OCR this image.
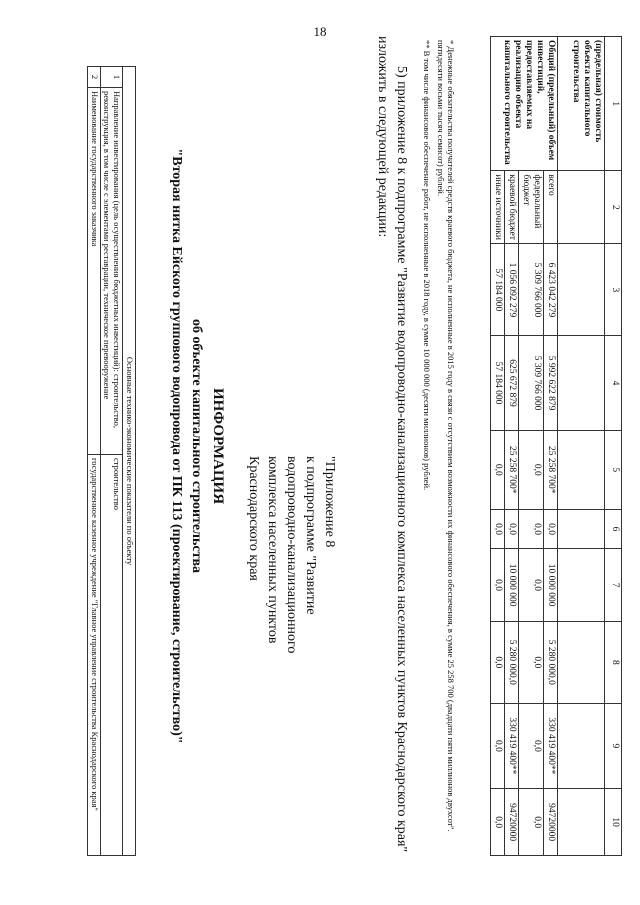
18
1	2	3	4	5	6	7	8	9	10
(предельная) стоимость объекта капитального строительства									
Общий (предельный) объем инвестиций, предоставляемых на реализацию объекта капитального строительства	всего	6 423 042 279	5 992 622 879	25 258 700*	0,0	10 000 000	5 280 000,0	330 419 400**	94720000
	федеральный бюджет	5 309 766 000	5 309 766 000	0,0	0,0	0,0	0,0	0,0	0,0
	краевой бюджет	1 056 092 279	625 672 879	25 258 700*	0,0	10 000 000	5 280 000,0	330 419 400**	94720000
	иные источники	57 184 000	57 184 000	0,0	0,0	0,0	0,0	0,0	0,0
* Денежные обязательства получателей средств краевого бюджета, не исполненные в 2015 году в связи с отсутствием возможности их финансового обеспечения, в сумме 25 258 700 (двадцати пяти миллионов двухсот пятидесяти восьми тысяч семисот) рублей.
** В том числе финансовое обеспечение работ, не исполненные в 2018 году, в сумме 10 000 000 (десяти миллионов) рублей.
".
5) приложение 8 к подпрограмме "Развитие водопроводно-канализационного комплекса населенных пунктов Краснодарского края" изложить в следующей редакции:
"Приложение 8
к подпрограмме "Развитие
водопроводно-канализационного
комплекса населенных пунктов
Краснодарского края
ИНФОРМАЦИЯ
об объекте капитального строительства
"Вторая нитка Ейского группового водопровода от ПК 113 (проектирование, строительство)"
Основные технико-экономические показатели по объекту		
1	Направление инвестирования (цель осуществления бюджетных инвестиций): строительство, реконструкция, в том числе с элементами реставрации, техническое перевооружение	строительство
2	Наименование государственного заказчика	государственное казенное учреждение "Главное управление строительства Краснодарского края"
